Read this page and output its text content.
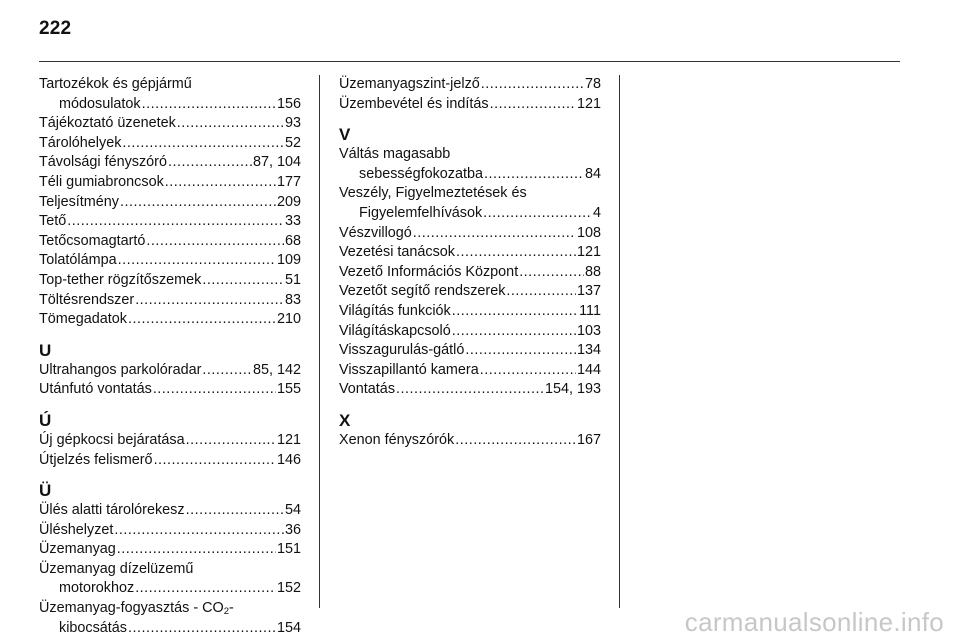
222
Tartozékok és gépjármű
módosulatok .....	156
Tájékoztató üzenetek .....	93
Tárolóhelyek .....	52
Távolsági fényszóró .....	87, 104
Téli gumiabroncsok .....	177
Teljesítmény .....	209
Tető .....	33
Tetőcsomagtartó .....	68
Tolatólámpa .....	109
Top-tether rögzítőszemek .....	51
Töltésrendszer .....	83
Tömegadatok .....	210
U
Ultrahangos parkolóradar .....	85, 142
Utánfutó vontatás .....	155
Ú
Új gépkocsi bejáratása .....	121
Útjelzés felismerő .....	146
Ü
Ülés alatti tárolórekesz .....	54
Üléshelyzet .....	36
Üzemanyag .....	151
Üzemanyag dízelüzemű
motorokhoz .....	152
Üzemanyag-fogyasztás - $CO_2-$
kibocsátás .....	154
Üzemanyagszint-jelző .....	78
Üzembevétel és indítás .....	121
V
Váltás magasabb
sebességfokozatba .....	84
Veszély, Figyelmeztetések és
Figyelemfelhívások .....	4
Vészvillogó .....	108
Vezetési tanácsok .....	121
Vezető Információs Központ .....	88
Vezetőt segítő rendszerek .....	137
Világítás funkciók .....	111
Világításkapcsoló .....	103
Visszagurulás-gátló .....	134
Visszapillantó kamera .....	144
Vontatás .....	154, 193
X
Xenon fényszórók .....	167
carmanualsonline.info
